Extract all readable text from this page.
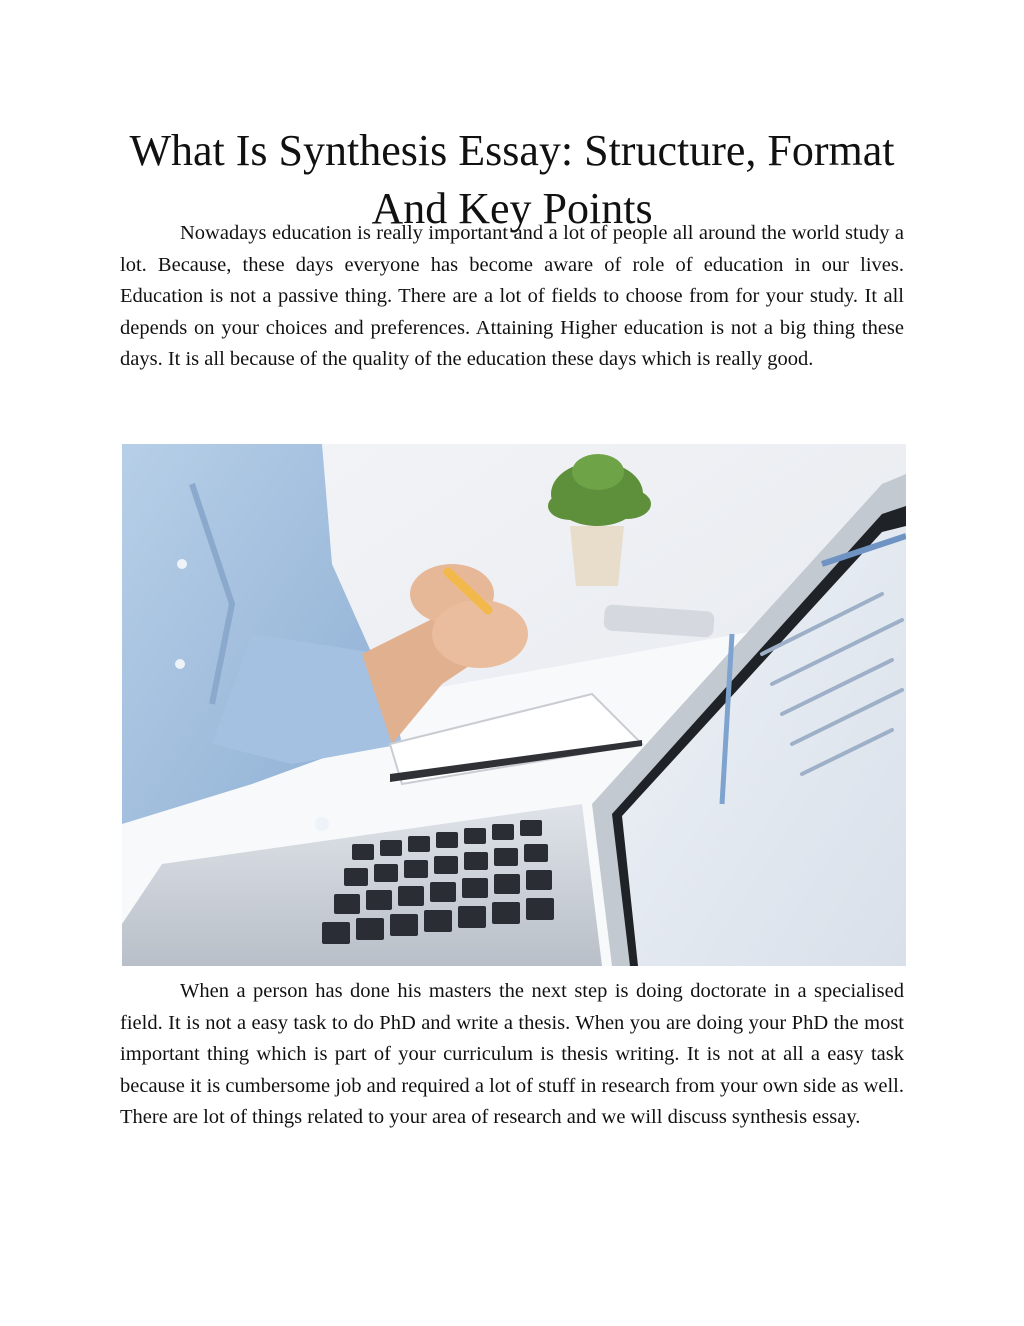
What Is Synthesis Essay: Structure, Format And Key Points

Nowadays education is really important and a lot of people all around the world study a lot. Because, these days everyone has become aware of role of education in our lives. Education is not a passive thing. There are a lot of fields to choose from for your study. It all depends on your choices and preferences. Attaining Higher education is not a big thing these days. It is all because of the quality of the education these days which is really good.

When a person has done his masters the next step is doing doctorate in a specialised field. It is not a easy task to do PhD and write a thesis. When you are doing your PhD the most important thing which is part of your curriculum is thesis writing. It is not at all a easy task because it is cumbersome job and required a lot of stuff in research from your own side as well. There are lot of things related to your area of research and we will discuss synthesis essay.
